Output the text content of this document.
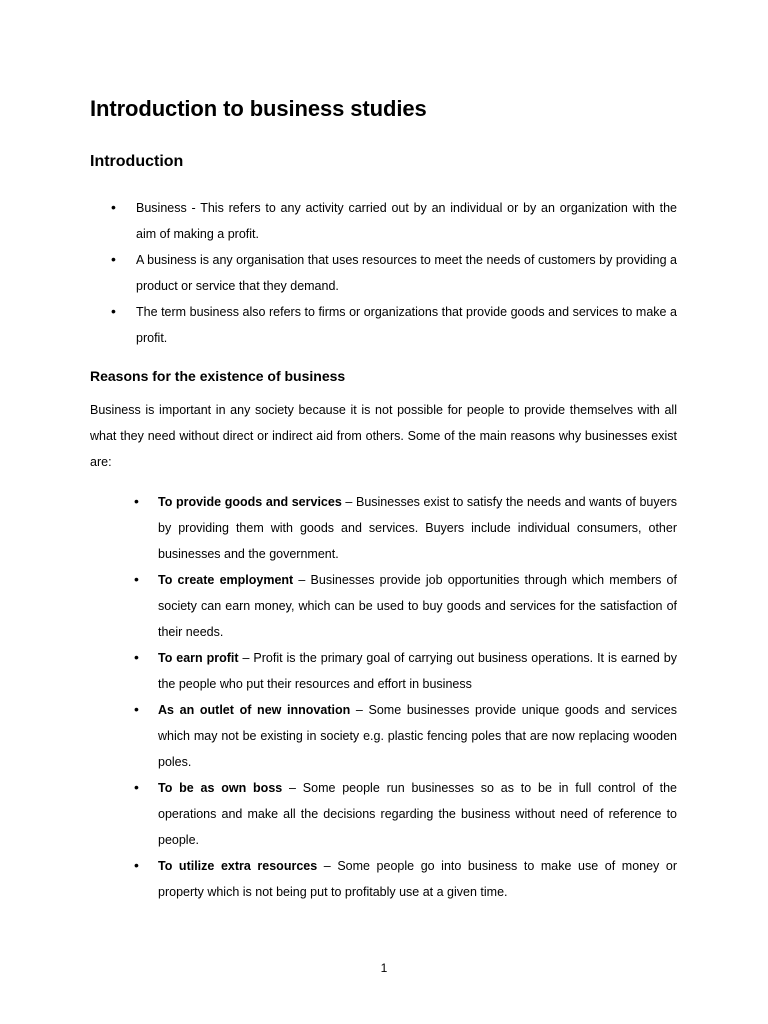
Introduction to business studies
Introduction
• Business - This refers to any activity carried out by an individual or by an organization with the aim of making a profit.
• A business is any organisation that uses resources to meet the needs of customers by providing a product or service that they demand.
• The term business also refers to firms or organizations that provide goods and services to make a profit.
Reasons for the existence of business

Business is important in any society because it is not possible for people to provide themselves with all what they need without direct or indirect aid from others. Some of the main reasons why businesses exist are:

• To provide goods and services – Businesses exist to satisfy the needs and wants of buyers by providing them with goods and services. Buyers include individual consumers, other businesses and the government.
• To create employment – Businesses provide job opportunities through which members of society can earn money, which can be used to buy goods and services for the satisfaction of their needs.
• To earn profit – Profit is the primary goal of carrying out business operations. It is earned by the people who put their resources and effort in business
• As an outlet of new innovation – Some businesses provide unique goods and services which may not be existing in society e.g. plastic fencing poles that are now replacing wooden poles.
• To be as own boss – Some people run businesses so as to be in full control of the operations and make all the decisions regarding the business without need of reference to people.
• To utilize extra resources – Some people go into business to make use of money or property which is not being put to profitably use at a given time.
1
